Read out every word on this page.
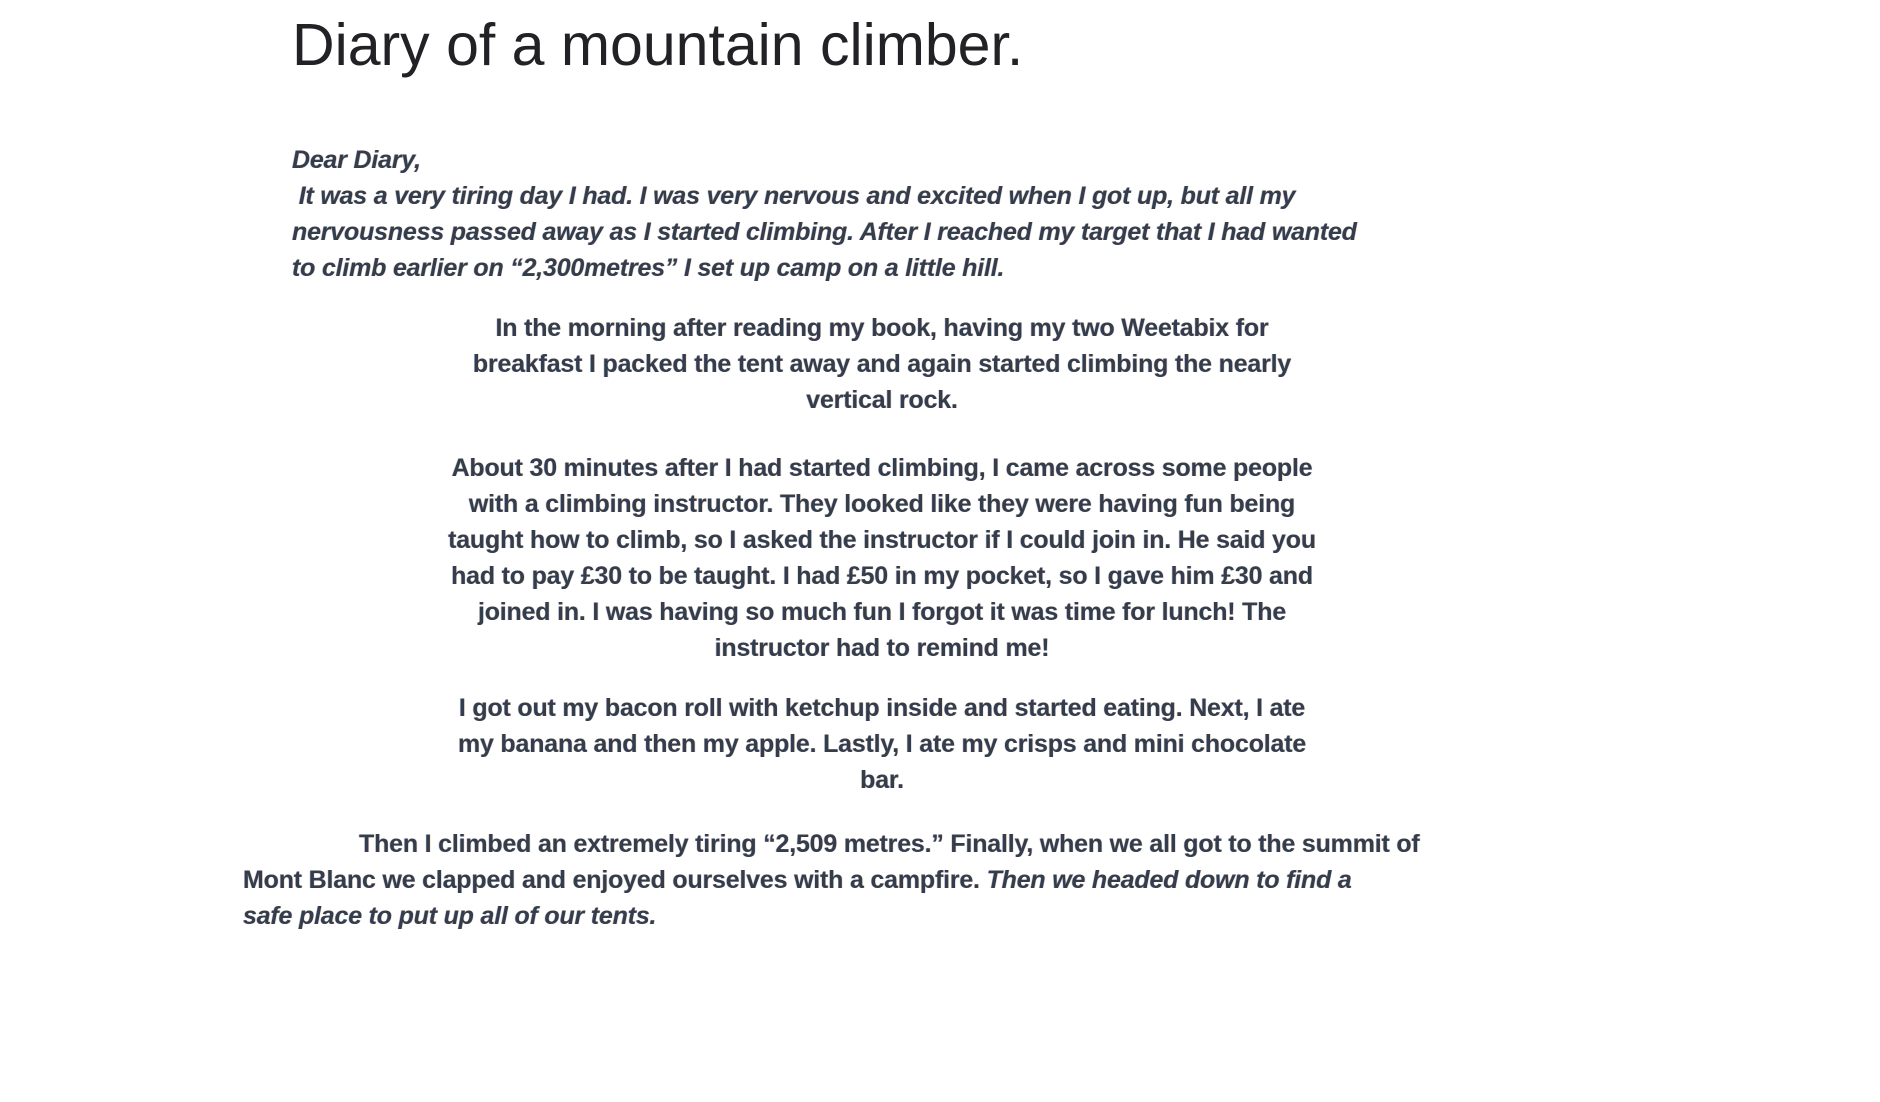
Diary of a mountain climber.
Dear Diary,
It was a very tiring day I had. I was very nervous and excited when I got up, but all my
nervousness passed away as I started climbing. After I reached my target that I had wanted
to climb earlier on “2,300metres” I set up camp on a little hill.
In the morning after reading my book, having my two Weetabix for
breakfast I packed the tent away and again started climbing the nearly
vertical rock.
About 30 minutes after I had started climbing, I came across some people
with a climbing instructor. They looked like they were having fun being
taught how to climb, so I asked the instructor if I could join in. He said you
had to pay £30 to be taught. I had £50 in my pocket, so I gave him £30 and
joined in. I was having so much fun I forgot it was time for lunch! The
instructor had to remind me!
I got out my bacon roll with ketchup inside and started eating. Next, I ate
my banana and then my apple. Lastly, I ate my crisps and mini chocolate
bar.
Then I climbed an extremely tiring “2,509 metres.” Finally, when we all got to the summit of
Mont Blanc we clapped and enjoyed ourselves with a campfire. Then we headed down to find a
safe place to put up all of our tents.
